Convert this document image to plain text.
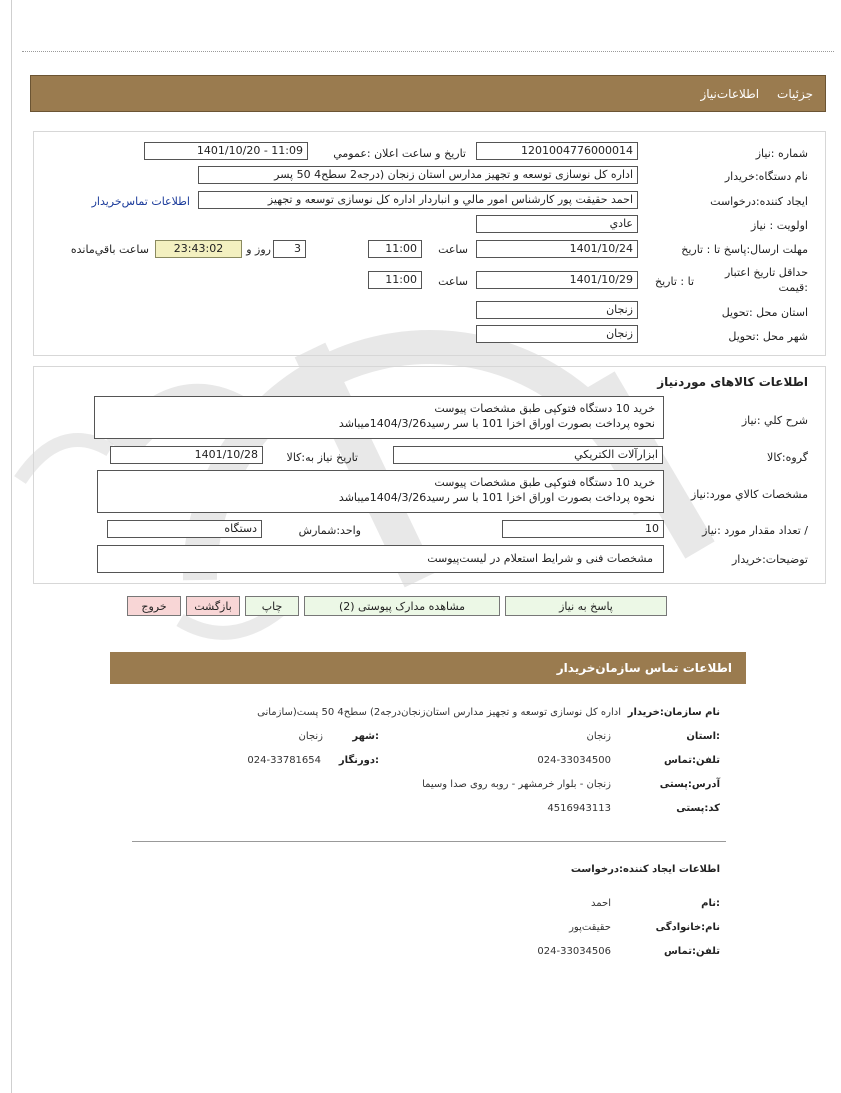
جزئیات
اطلاعات‌نیاز
شماره :نیاز
1201004776000014
تاریخ و ساعت اعلان :عمومي
1401/10/20 - 11:09
نام دستگاه:خریدار
اداره کل نوسازی توسعه و تجهیز مدارس استان زنجان (درجه2 سطح4 50 پسر
ایجاد کننده:درخواست
احمد حقیقت پور کارشناس امور مالي و انباردار اداره کل نوسازی توسعه و تجهیز
اطلاعات تماس‌خریدار
اولویت : نیاز
عادي
مهلت ارسال:پاسخ تا : تاریخ
1401/10/24
ساعت
11:00
3
روز و
23:43:02
ساعت باقي‌مانده
حداقل تاریخ اعتبار
:قیمت
تا : تاریخ
1401/10/29
ساعت
11:00
استان محل :تحویل
زنجان
شهر محل :تحویل
زنجان
اطلاعات کالاهای موردنیاز
شرح کلي :نیاز
خرید 10 دستگاه فتوکپی طبق مشخصات پیوست
نحوه پرداخت بصورت اوراق اخزا 101 با سر رسید1404/3/26میباشد
گروه:کالا
ابزارآلات الکتریکي
تاریخ نیاز به:کالا
1401/10/28
مشخصات کالاي مورد:نیاز
خرید 10 دستگاه فتوکپی طبق مشخصات پیوست
نحوه پرداخت بصورت اوراق اخزا 101 با سر رسید1404/3/26میباشد
/ تعداد مقدار مورد :نیاز
10
واحد:شمارش
دستگاه
توضیحات:خریدار
مشخصات فنی و شرایط استعلام در لیست‌پیوست
پاسخ به نیاز
مشاهده مدارک پیوستی (2)
چاپ
بازگشت
خروج
اطلاعات تماس سازمان‌خریدار
نام سازمان:خریدار
اداره کل نوسازی توسعه و تجهیز مدارس استان‌زنجان‌درجه2) سطح4 50 پست(سازمانی
:استان
زنجان
:شهر
زنجان
تلفن:تماس
024-33034500
:دورنگار
024-33781654
آدرس:پستی
زنجان - بلوار خرمشهر - روبه روی صدا وسیما
کد:پستی
4516943113
اطلاعات ایجاد کننده:درخواست
:نام
احمد
نام:خانوادگی
حقیقت‌پور
تلفن:تماس
024-33034506
